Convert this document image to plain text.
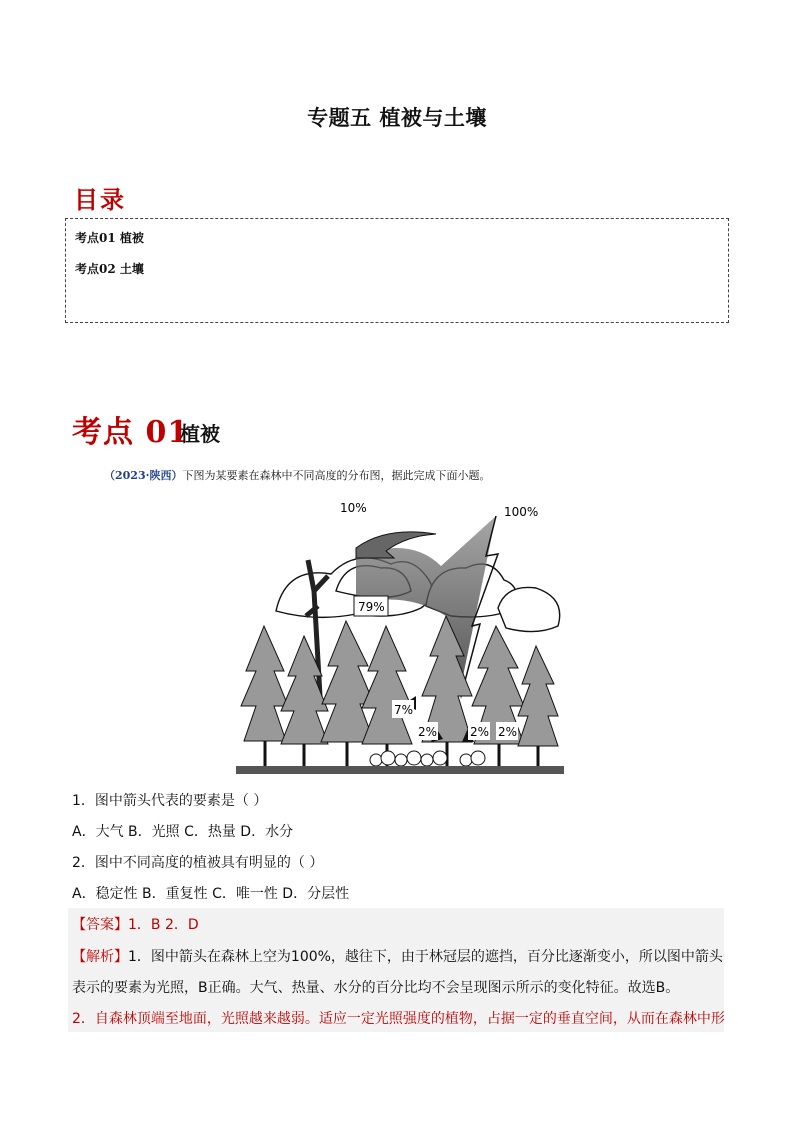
专题五 植被与土壤
目录
考点01 植被
考点02 土壤
考点 01
植被
（2023·陕西）下图为某要素在森林中不同高度的分布图，据此完成下面小题。
10%	100%
79%
7%
2%	2% 2%
1．图中箭头代表的要素是（ ）
A．大气 B．光照 C．热量 D．水分
2．图中不同高度的植被具有明显的（ ）
A．稳定性 B．重复性 C．唯一性 D．分层性
【答案】1．B 2．D
【解析】1．图中箭头在森林上空为100%，越往下，由于林冠层的遮挡，百分比逐渐变小，所以图中箭头
表示的要素为光照，B正确。大气、热量、水分的百分比均不会呈现图示所示的变化特征。故选B。
2．自森林顶端至地面，光照越来越弱。适应一定光照强度的植物，占据一定的垂直空间，从而在森林中形
